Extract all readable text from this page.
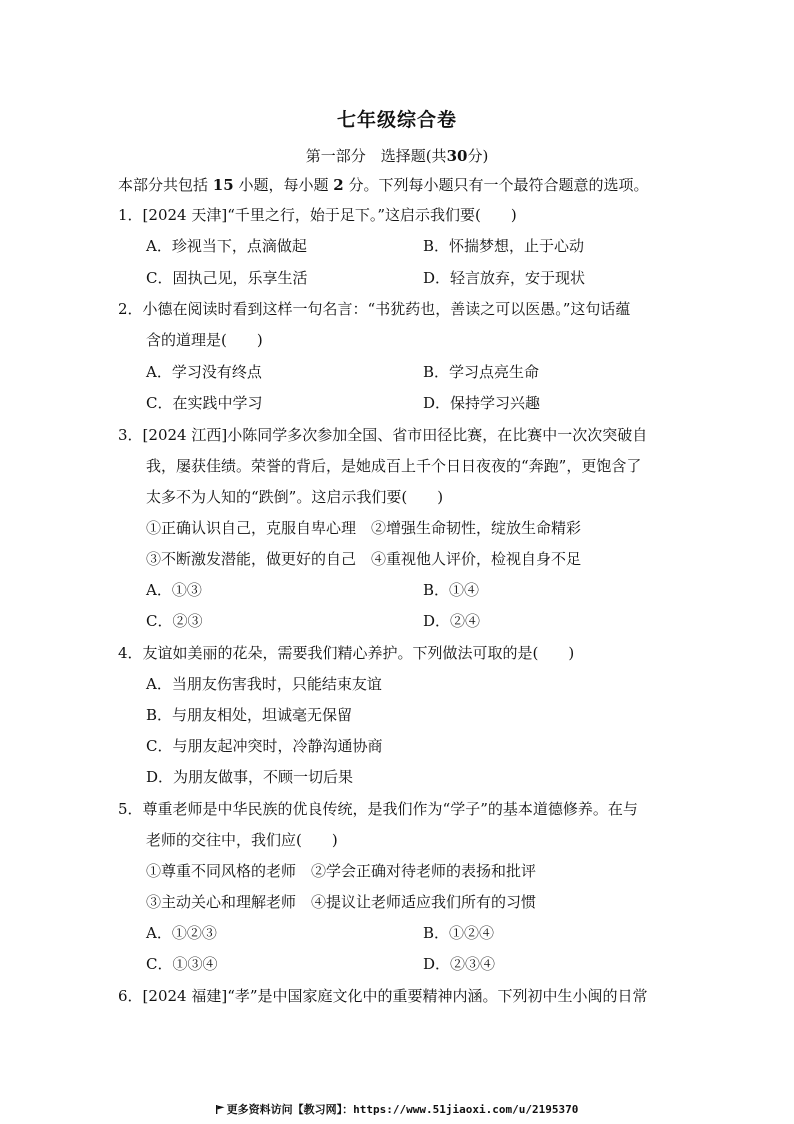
七年级综合卷
第一部分　选择题(共30分)
本部分共包括 15 小题，每小题 2 分。下列每小题只有一个最符合题意的选项。
1．[2024 天津]“千里之行，始于足下。”这启示我们要(　　)
A．珍视当下，点滴做起	B．怀揣梦想，止于心动
C．固执己见，乐享生活	D．轻言放弃，安于现状
2．小德在阅读时看到这样一句名言：“书犹药也，善读之可以医愚。”这句话蕴
含的道理是(　　)
A．学习没有终点	B．学习点亮生命
C．在实践中学习	D．保持学习兴趣
3．[2024 江西]小陈同学多次参加全国、省市田径比赛，在比赛中一次次突破自
我，屡获佳绩。荣誉的背后，是她成百上千个日日夜夜的“奔跑”，更饱含了
太多不为人知的“跌倒”。这启示我们要(　　)
①正确认识自己，克服自卑心理　②增强生命韧性，绽放生命精彩
③不断激发潜能，做更好的自己　④重视他人评价，检视自身不足
A．①③	B．①④
C．②③	D．②④
4．友谊如美丽的花朵，需要我们精心养护。下列做法可取的是(　　)
A．当朋友伤害我时，只能结束友谊
B．与朋友相处，坦诚毫无保留
C．与朋友起冲突时，冷静沟通协商
D．为朋友做事，不顾一切后果
5．尊重老师是中华民族的优良传统，是我们作为“学子”的基本道德修养。在与
老师的交往中，我们应(　　)
①尊重不同风格的老师　②学会正确对待老师的表扬和批评
③主动关心和理解老师　④提议让老师适应我们所有的习惯
A．①②③	B．①②④
C．①③④	D．②③④
6．[2024 福建]“孝”是中国家庭文化中的重要精神内涵。下列初中生小闽的日常
更多资料访问【教习网】：https://www.51jiaoxi.com/u/2195370
